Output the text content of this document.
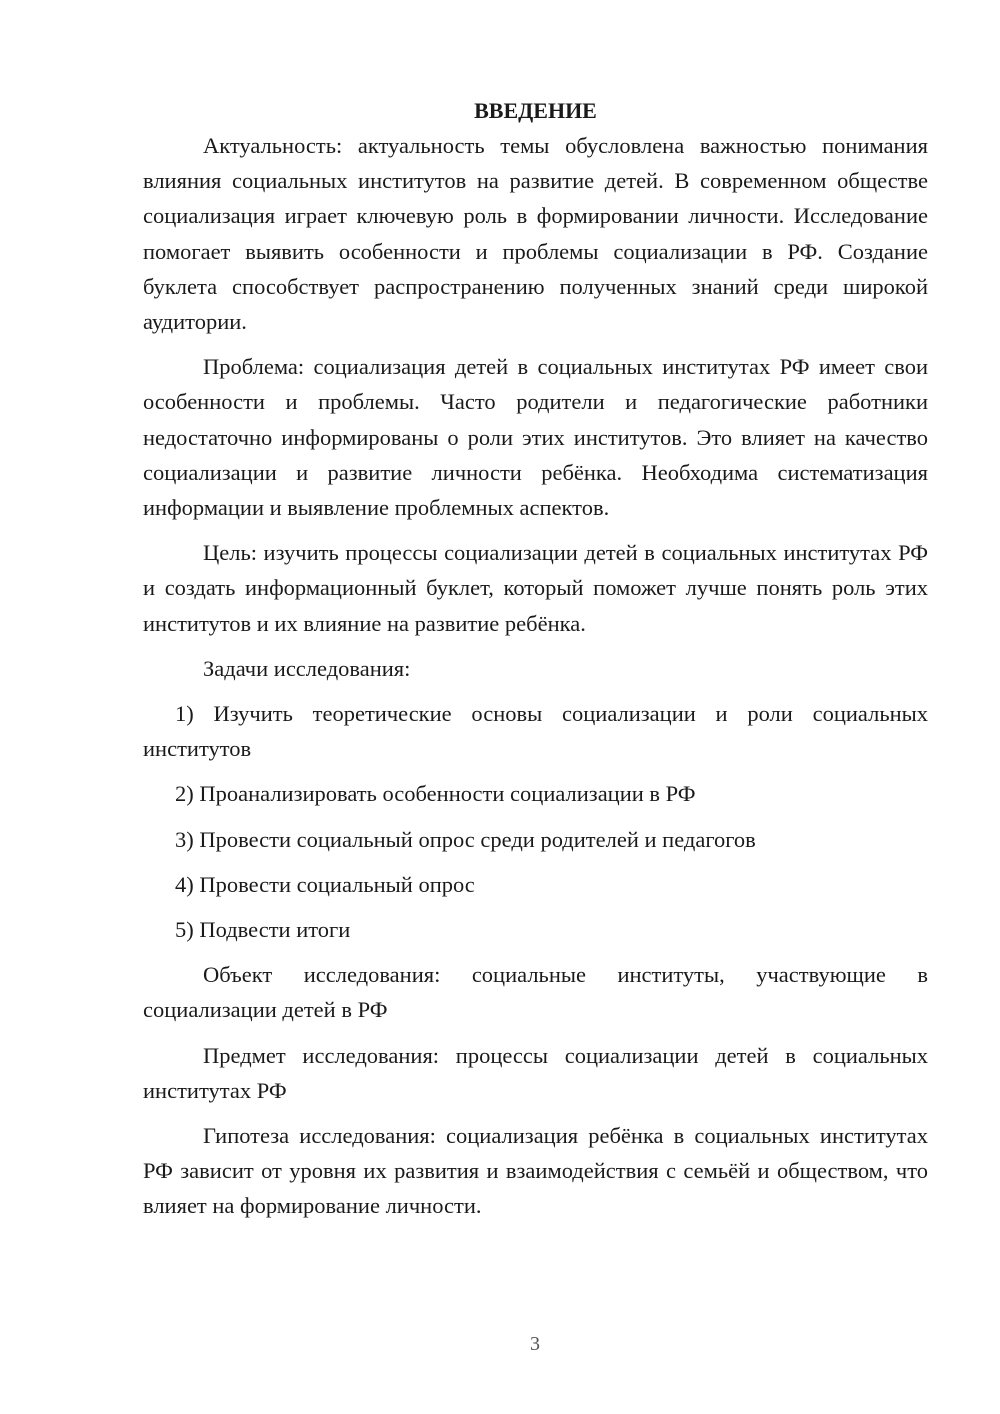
ВВЕДЕНИЕ

Актуальность: актуальность темы обусловлена важностью понимания влияния социальных институтов на развитие детей. В современном обществе социализация играет ключевую роль в формировании личности. Исследование помогает выявить особенности и проблемы социализации в РФ. Создание буклета способствует распространению полученных знаний среди широкой аудитории.

Проблема: социализация детей в социальных институтах РФ имеет свои особенности и проблемы. Часто родители и педагогические работники недостаточно информированы о роли этих институтов. Это влияет на качество социализации и развитие личности ребёнка. Необходима систематизация информации и выявление проблемных аспектов.

Цель: изучить процессы социализации детей в социальных институтах РФ и создать информационный буклет, который поможет лучше понять роль этих институтов и их влияние на развитие ребёнка.

Задачи исследования:

1) Изучить теоретические основы социализации и роли социальных институтов

2) Проанализировать особенности социализации в РФ

3) Провести социальный опрос среди родителей и педагогов

4) Провести социальный опрос

5) Подвести итоги

Объект исследования: социальные институты, участвующие в социализации детей в РФ

Предмет исследования: процессы социализации детей в социальных институтах РФ

Гипотеза исследования: социализация ребёнка в социальных институтах РФ зависит от уровня их развития и взаимодействия с семьёй и обществом, что влияет на формирование личности.

3
